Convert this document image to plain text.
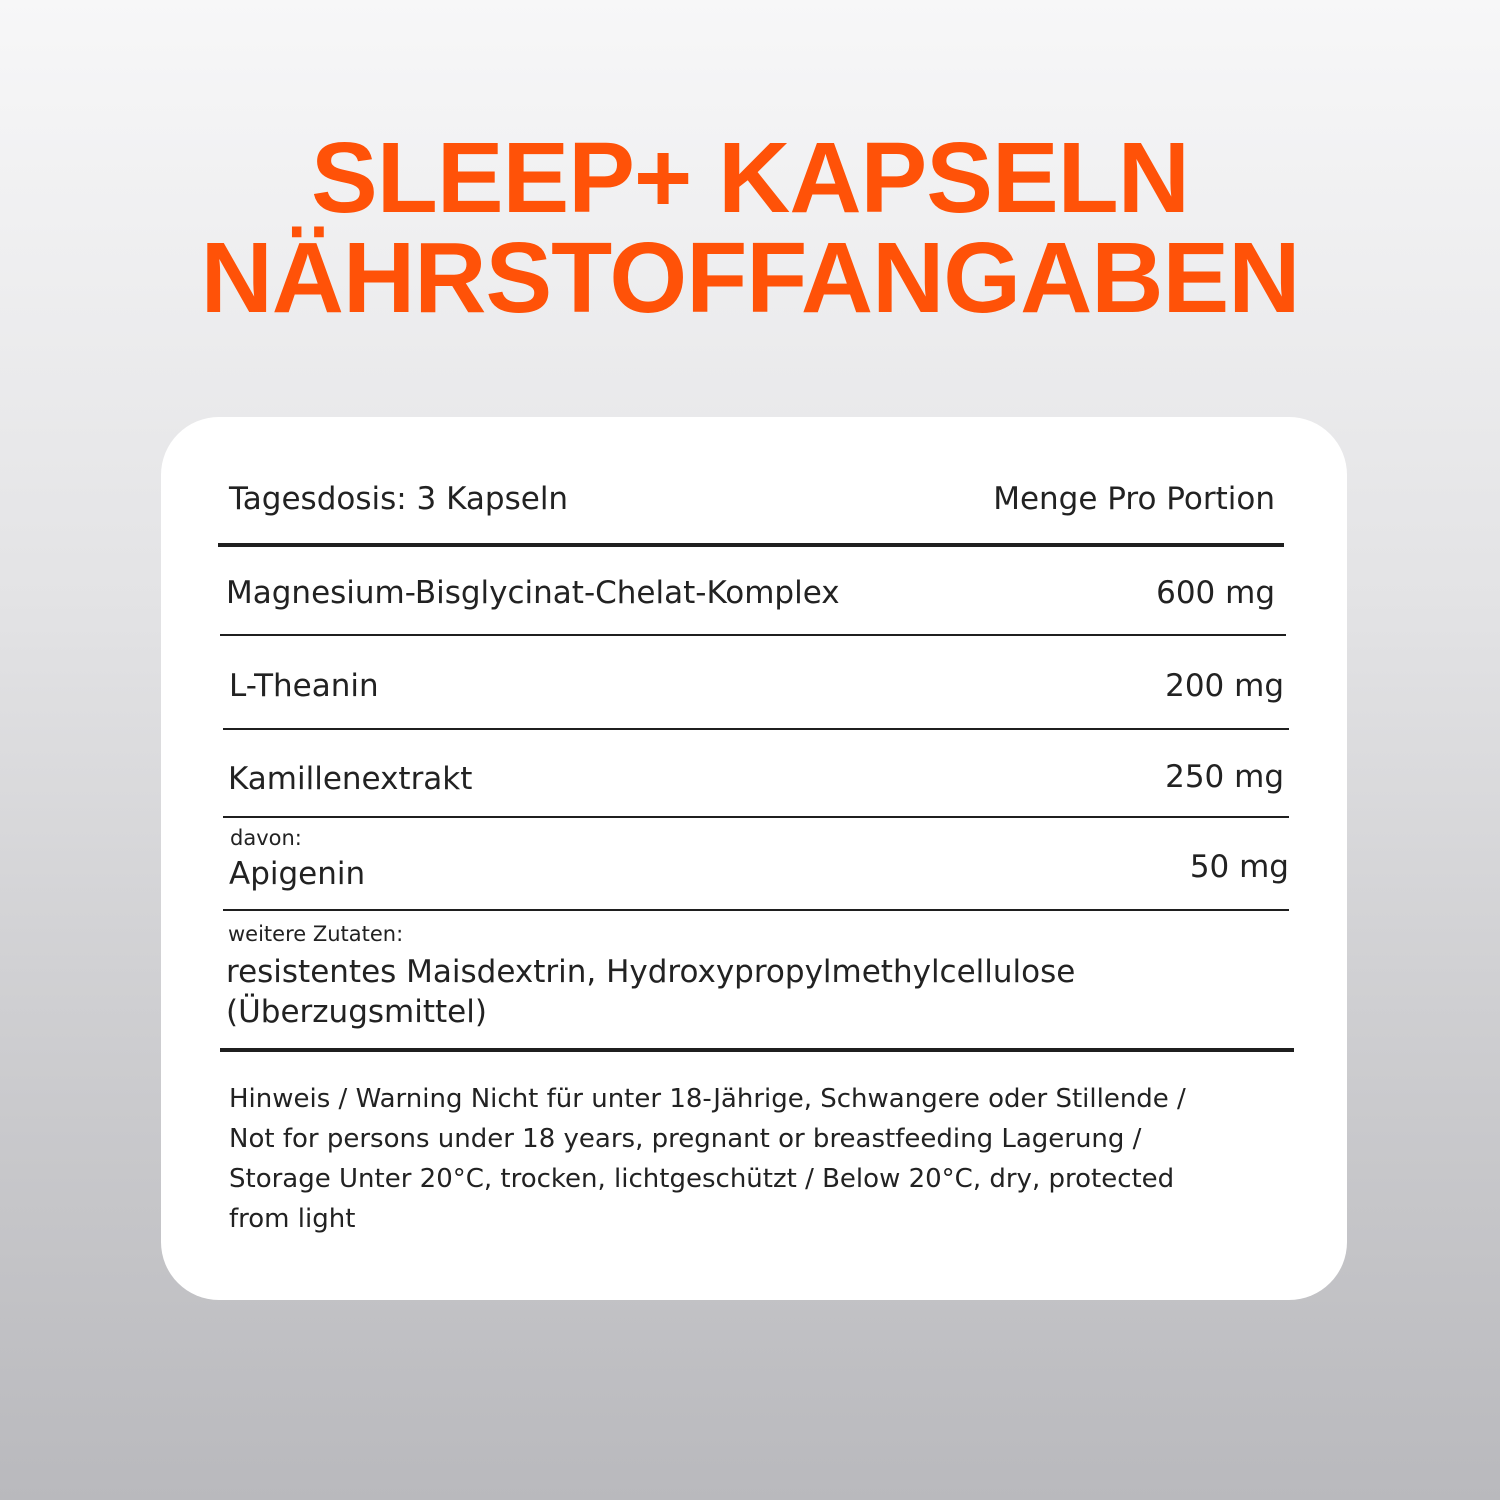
SLEEP+ KAPSELN
NÄHRSTOFFANGABEN
Tagesdosis: 3 Kapseln	Menge Pro Portion
Magnesium-Bisglycinat-Chelat-Komplex	600 mg
L-Theanin	200 mg
Kamillenextrakt	250 mg
davon:
Apigenin	50 mg
weitere Zutaten:
resistentes Maisdextrin, Hydroxypropylmethylcellulose
(Überzugsmittel)
Hinweis / Warning Nicht für unter 18-Jährige, Schwangere oder Stillende /
Not for persons under 18 years, pregnant or breastfeeding Lagerung /
Storage Unter 20°C, trocken, lichtgeschützt / Below 20°C, dry, protected
from light
